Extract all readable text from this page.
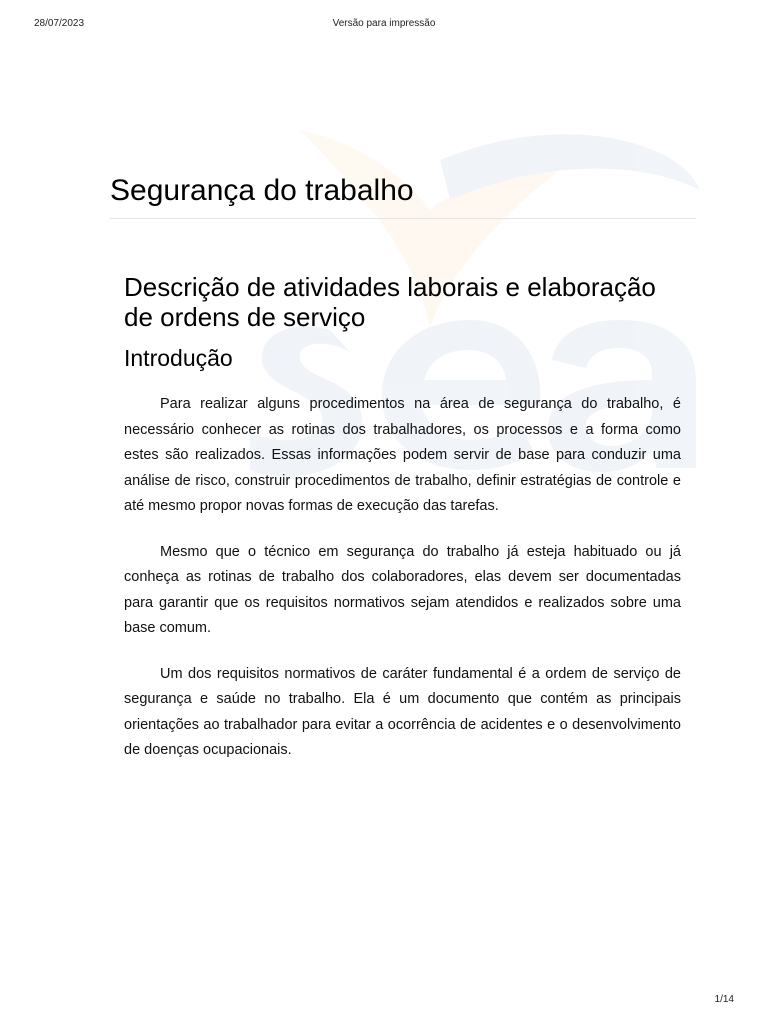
28/07/2023	Versão para impressão
Segurança do trabalho
Descrição de atividades laborais e elaboração de ordens de serviço
Introdução

Para realizar alguns procedimentos na área de segurança do trabalho, é necessário conhecer as rotinas dos trabalhadores, os processos e a forma como estes são realizados. Essas informações podem servir de base para conduzir uma análise de risco, construir procedimentos de trabalho, definir estratégias de controle e até mesmo propor novas formas de execução das tarefas.

Mesmo que o técnico em segurança do trabalho já esteja habituado ou já conheça as rotinas de trabalho dos colaboradores, elas devem ser documentadas para garantir que os requisitos normativos sejam atendidos e realizados sobre uma base comum.

Um dos requisitos normativos de caráter fundamental é a ordem de serviço de segurança e saúde no trabalho. Ela é um documento que contém as principais orientações ao trabalhador para evitar a ocorrência de acidentes e o desenvolvimento de doenças ocupacionais.

1/14
